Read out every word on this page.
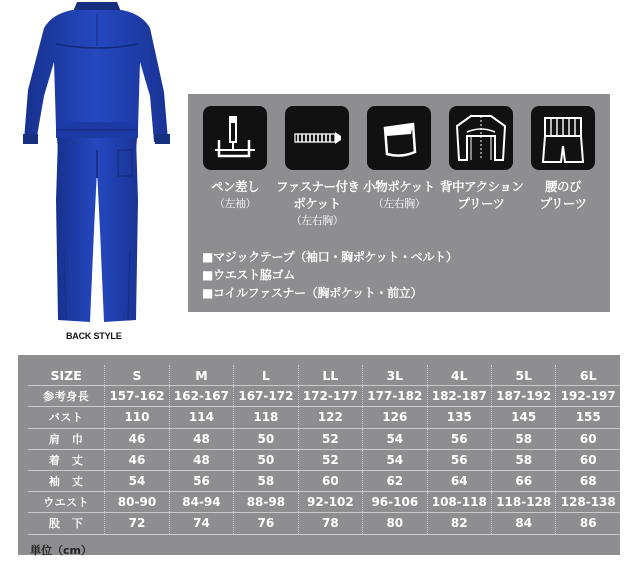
BACK STYLE
ペン差し
（左袖）
ファスナー付き
ポケット
（左右胸）
小物ポケット
（左右胸）
背中アクション
プリーツ
腰のび
プリーツ
■マジックテープ（袖口・胸ポケット・ベルト）
■ウエスト脇ゴム
■コイルファスナー（胸ポケット・前立）
SIZE	S	M	L	LL	3L	4L	5L	6L
参考身長	157-162	162-167	167-172	172-177	177-182	182-187	187-192	192-197
バスト	110	114	118	122	126	135	145	155
肩　巾	46	48	50	52	54	56	58	60
着　丈	46	48	50	52	54	56	58	60
袖　丈	54	56	58	60	62	64	66	68
ウエスト	80-90	84-94	88-98	92-102	96-106	108-118	118-128	128-138
股　下	72	74	76	78	80	82	84	86
単位（cm）
